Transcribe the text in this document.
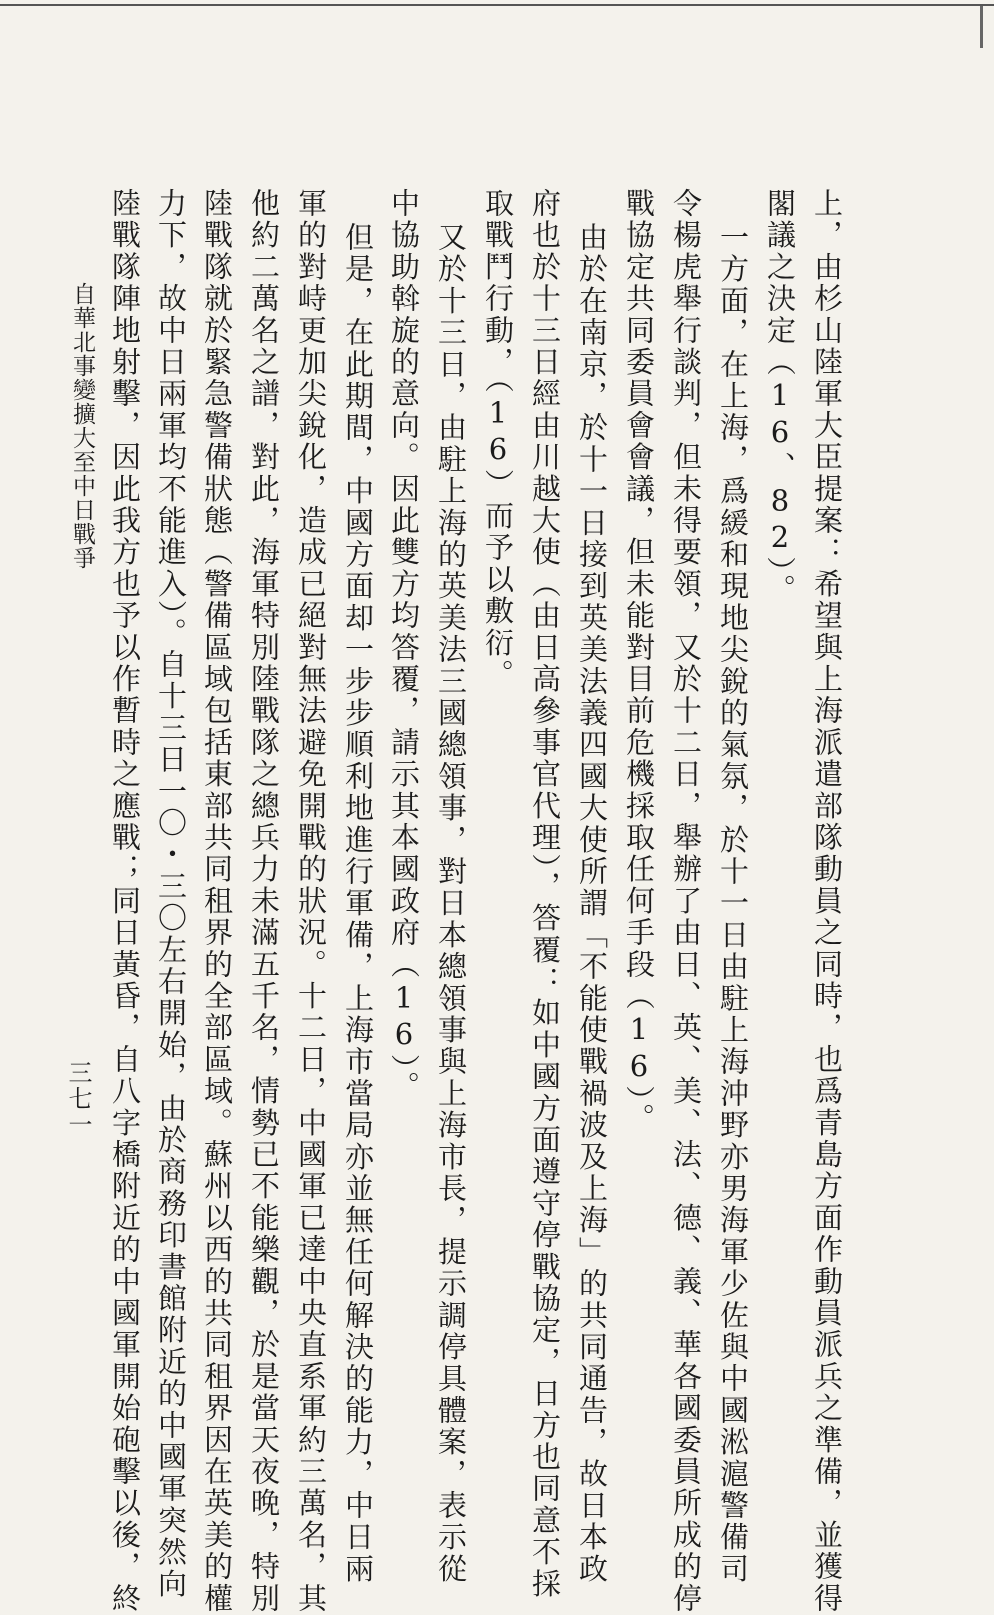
上，由杉山陸軍大臣提案：希望與上海派遣部隊動員之同時，也爲青島方面作動員派兵之準備，並獲得
閣議之決定（16、82）。
一方面，在上海，爲緩和現地尖銳的氣氛，於十一日由駐上海沖野亦男海軍少佐與中國淞滬警備司
令楊虎舉行談判，但未得要領，又於十二日，舉辦了由日、英、美、法、德、義、華各國委員所成的停
戰協定共同委員會會議，但未能對目前危機採取任何手段（16）。
由於在南京，於十一日接到英美法義四國大使所謂「不能使戰禍波及上海」的共同通告，故日本政
府也於十三日經由川越大使（由日高參事官代理），答覆：如中國方面遵守停戰協定，日方也同意不採
取戰鬥行動，（16）而予以敷衍。
又於十三日，由駐上海的英美法三國總領事，對日本總領事與上海市長，提示調停具體案，表示從
中協助斡旋的意向。因此雙方均答覆，請示其本國政府（16）。
但是，在此期間，中國方面却一步步順利地進行軍備，上海市當局亦並無任何解決的能力，中日兩
軍的對峙更加尖銳化，造成已絕對無法避免開戰的狀況。十二日，中國軍已達中央直系軍約三萬名，其
他約二萬名之譜，對此，海軍特別陸戰隊之總兵力未滿五千名，情勢已不能樂觀，於是當天夜晚，特別
陸戰隊就於緊急警備狀態（警備區域包括東部共同租界的全部區域。蘇州以西的共同租界因在英美的權
力下，故中日兩軍均不能進入）。自十三日一〇・三〇左右開始，由於商務印書館附近的中國軍突然向
陸戰隊陣地射擊，因此我方也予以作暫時之應戰；同日黃昏，自八字橋附近的中國軍開始砲擊以後，終
自華北事變擴大至中日戰爭
三七一
